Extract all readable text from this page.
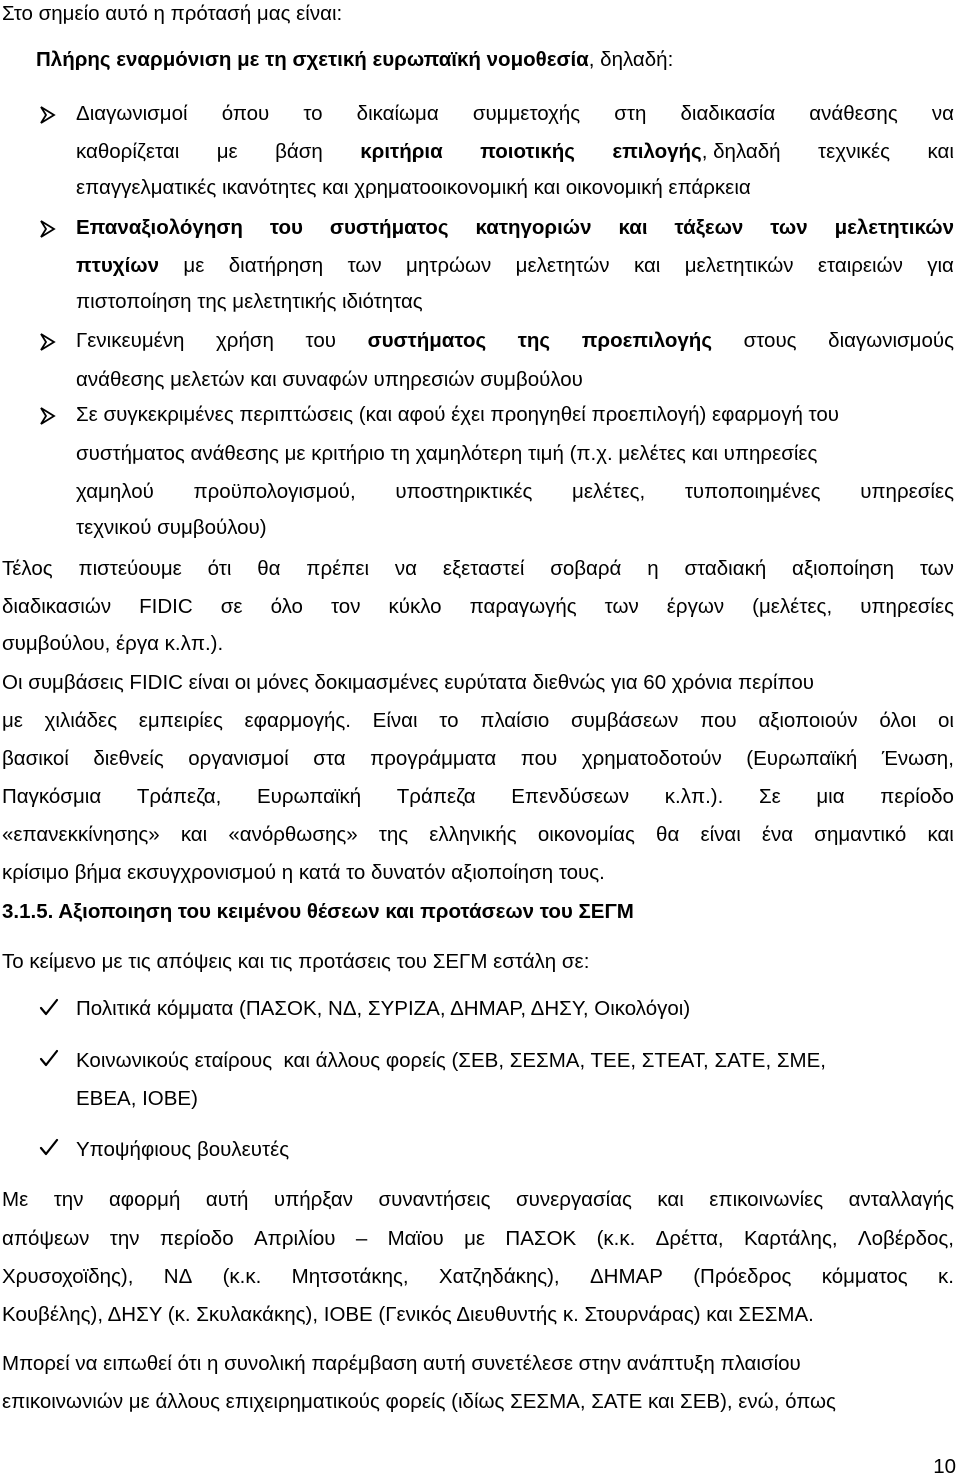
Στο σημείο αυτό η πρότασή μας είναι:
Πλήρης εναρμόνιση με τη σχετική ευρωπαϊκή νομοθεσία, δηλαδή:
Διαγωνισμοί όπου το δικαίωμα συμμετοχής στη διαδικασία ανάθεσης να
καθορίζεται με βάση κριτήρια ποιοτικής επιλογής, δηλαδή τεχνικές και
επαγγελματικές ικανότητες και χρηματοοικονομική και οικονομική επάρκεια
Επαναξιολόγηση του συστήματος κατηγοριών και τάξεων των μελετητικών
πτυχίων με διατήρηση των μητρώων μελετητών και μελετητικών εταιρειών για
πιστοποίηση της μελετητικής ιδιότητας
Γενικευμένη χρήση του συστήματος της προεπιλογής στους διαγωνισμούς
ανάθεσης μελετών και συναφών υπηρεσιών συμβούλου
Σε συγκεκριμένες περιπτώσεις (και αφού έχει προηγηθεί προεπιλογή) εφαρμογή του
συστήματος ανάθεσης με κριτήριο τη χαμηλότερη τιμή (π.χ. μελέτες και υπηρεσίες
χαμηλού προϋπολογισμού, υποστηρικτικές μελέτες, τυποποιημένες υπηρεσίες
τεχνικού συμβούλου)
Τέλος πιστεύουμε ότι θα πρέπει να εξεταστεί σοβαρά η σταδιακή αξιοποίηση των
διαδικασιών FIDIC σε όλο τον κύκλο παραγωγής των έργων (μελέτες, υπηρεσίες
συμβούλου, έργα κ.λπ.).
Οι συμβάσεις FIDIC είναι οι μόνες δοκιμασμένες ευρύτατα διεθνώς για 60 χρόνια περίπου
με χιλιάδες εμπειρίες εφαρμογής. Είναι το πλαίσιο συμβάσεων που αξιοποιούν όλοι οι
βασικοί διεθνείς οργανισμοί στα προγράμματα που χρηματοδοτούν (Ευρωπαϊκή Ένωση,
Παγκόσμια Τράπεζα, Ευρωπαϊκή Τράπεζα Επενδύσεων κ.λπ.). Σε μια περίοδο
«επανεκκίνησης» και «ανόρθωσης» της ελληνικής οικονομίας θα είναι ένα σημαντικό και
κρίσιμο βήμα εκσυγχρονισμού η κατά το δυνατόν αξιοποίηση τους.
3.1.5. Αξιοποιηση του κειμένου θέσεων και προτάσεων του ΣΕΓΜ
Το κείμενο με τις απόψεις και τις προτάσεις του ΣΕΓΜ εστάλη σε:
Πολιτικά κόμματα (ΠΑΣΟΚ, ΝΔ, ΣΥΡΙΖΑ, ΔΗΜΑΡ, ΔΗΣΥ, Οικολόγοι)
Κοινωνικούς εταίρους  και άλλους φορείς (ΣΕΒ, ΣΕΣΜΑ, ΤΕΕ, ΣΤΕΑΤ, ΣΑΤΕ, ΣΜΕ,
ΕΒΕΑ, ΙΟΒΕ)
Υποψήφιους βουλευτές
Με την αφορμή αυτή υπήρξαν συναντήσεις συνεργασίας και επικοινωνίες ανταλλαγής
απόψεων την περίοδο Απριλίου – Μαϊου με ΠΑΣΟΚ (κ.κ. Δρέττα, Καρτάλης, Λοβέρδος,
Χρυσοχοϊδης), ΝΔ (κ.κ. Μητσοτάκης, Χατζηδάκης), ΔΗΜΑΡ (Πρόεδρος κόμματος κ.
Κουβέλης), ΔΗΣΥ (κ. Σκυλακάκης), ΙΟΒΕ (Γενικός Διευθυντής κ. Στουρνάρας) και ΣΕΣΜΑ.
Μπορεί να ειπωθεί ότι η συνολική παρέμβαση αυτή συνετέλεσε στην ανάπτυξη πλαισίου
επικοινωνιών με άλλους επιχειρηματικούς φορείς (ιδίως ΣΕΣΜΑ, ΣΑΤΕ και ΣΕΒ), ενώ, όπως
10
